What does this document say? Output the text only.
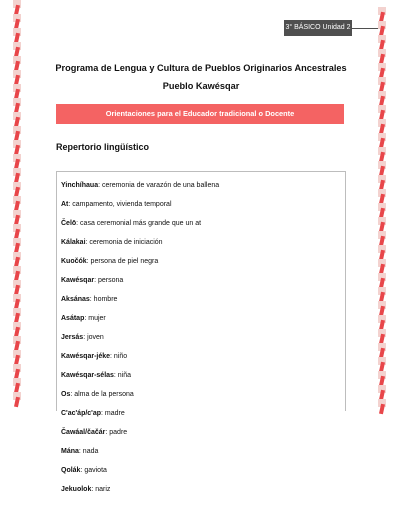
3° BÁSICO Unidad 2
Programa de Lengua y Cultura de Pueblos Originarios Ancestrales
Pueblo Kawésqar
Orientaciones para el Educador tradicional o Docente
Repertorio lingüístico
Yinchíhaua: ceremonia de varazón de una ballena
At: campamento, vivienda temporal
Čelō: casa ceremonial más grande que un at
Kálakai: ceremonia de iniciación
Kuočók: persona de piel negra
Kawésqar: persona
Aksánas: hombre
Asátap: mujer
Jersás: joven
Kawésqar-jéke: niño
Kawésqar-sélas: niña
Os: alma de la persona
C'ac'áp/c'ap: madre
Čawáal/čačár: padre
Mána: nada
Qolák: gaviota
Jekuolok: nariz
